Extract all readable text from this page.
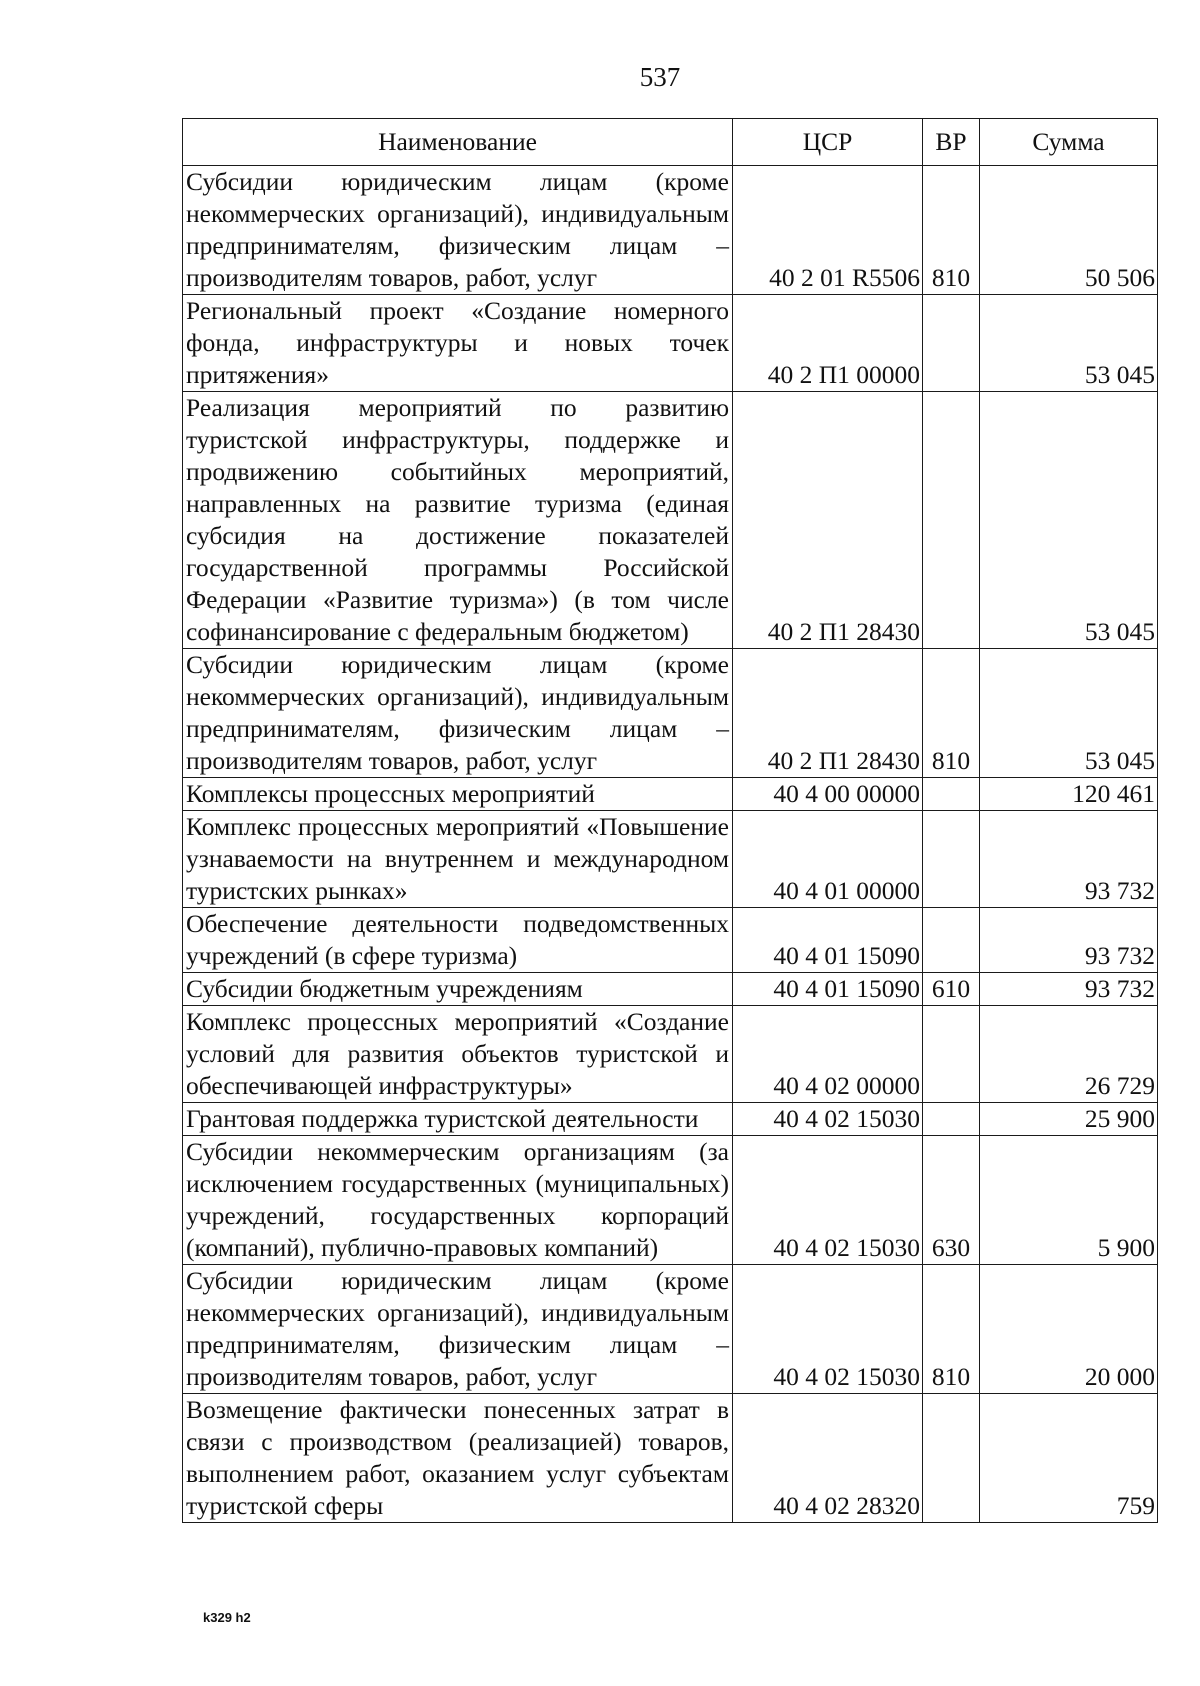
537
Наименование	ЦСР	ВР	Сумма
Субсидии юридическим лицам (кроме некоммерческих организаций), индивидуальным предпринимателям, физическим лицам – производителям товаров, работ, услуг	40 2 01 R5506	810	50 506
Региональный проект «Создание номерного фонда, инфраструктуры и новых точек притяжения»	40 2 П1 00000		53 045
Реализация мероприятий по развитию туристской инфраструктуры, поддержке и продвижению событийных мероприятий, направленных на развитие туризма (единая субсидия на достижение показателей государственной программы Российской Федерации «Развитие туризма») (в том числе софинансирование с федеральным бюджетом)	40 2 П1 28430		53 045
Субсидии юридическим лицам (кроме некоммерческих организаций), индивидуальным предпринимателям, физическим лицам – производителям товаров, работ, услуг	40 2 П1 28430	810	53 045
Комплексы процессных мероприятий	40 4 00 00000		120 461
Комплекс процессных мероприятий «Повышение узнаваемости на внутреннем и международном туристских рынках»	40 4 01 00000		93 732
Обеспечение деятельности подведомственных учреждений (в сфере туризма)	40 4 01 15090		93 732
Субсидии бюджетным учреждениям	40 4 01 15090	610	93 732
Комплекс процессных мероприятий «Создание условий для развития объектов туристской и обеспечивающей инфраструктуры»	40 4 02 00000		26 729
Грантовая поддержка туристской деятельности	40 4 02 15030		25 900
Субсидии некоммерческим организациям (за исключением государственных (муниципальных) учреждений, государственных корпораций (компаний), публично-правовых компаний)	40 4 02 15030	630	5 900
Субсидии юридическим лицам (кроме некоммерческих организаций), индивидуальным предпринимателям, физическим лицам – производителям товаров, работ, услуг	40 4 02 15030	810	20 000
Возмещение фактически понесенных затрат в связи с производством (реализацией) товаров, выполнением работ, оказанием услуг субъектам туристской сферы	40 4 02 28320		759
k329 h2
